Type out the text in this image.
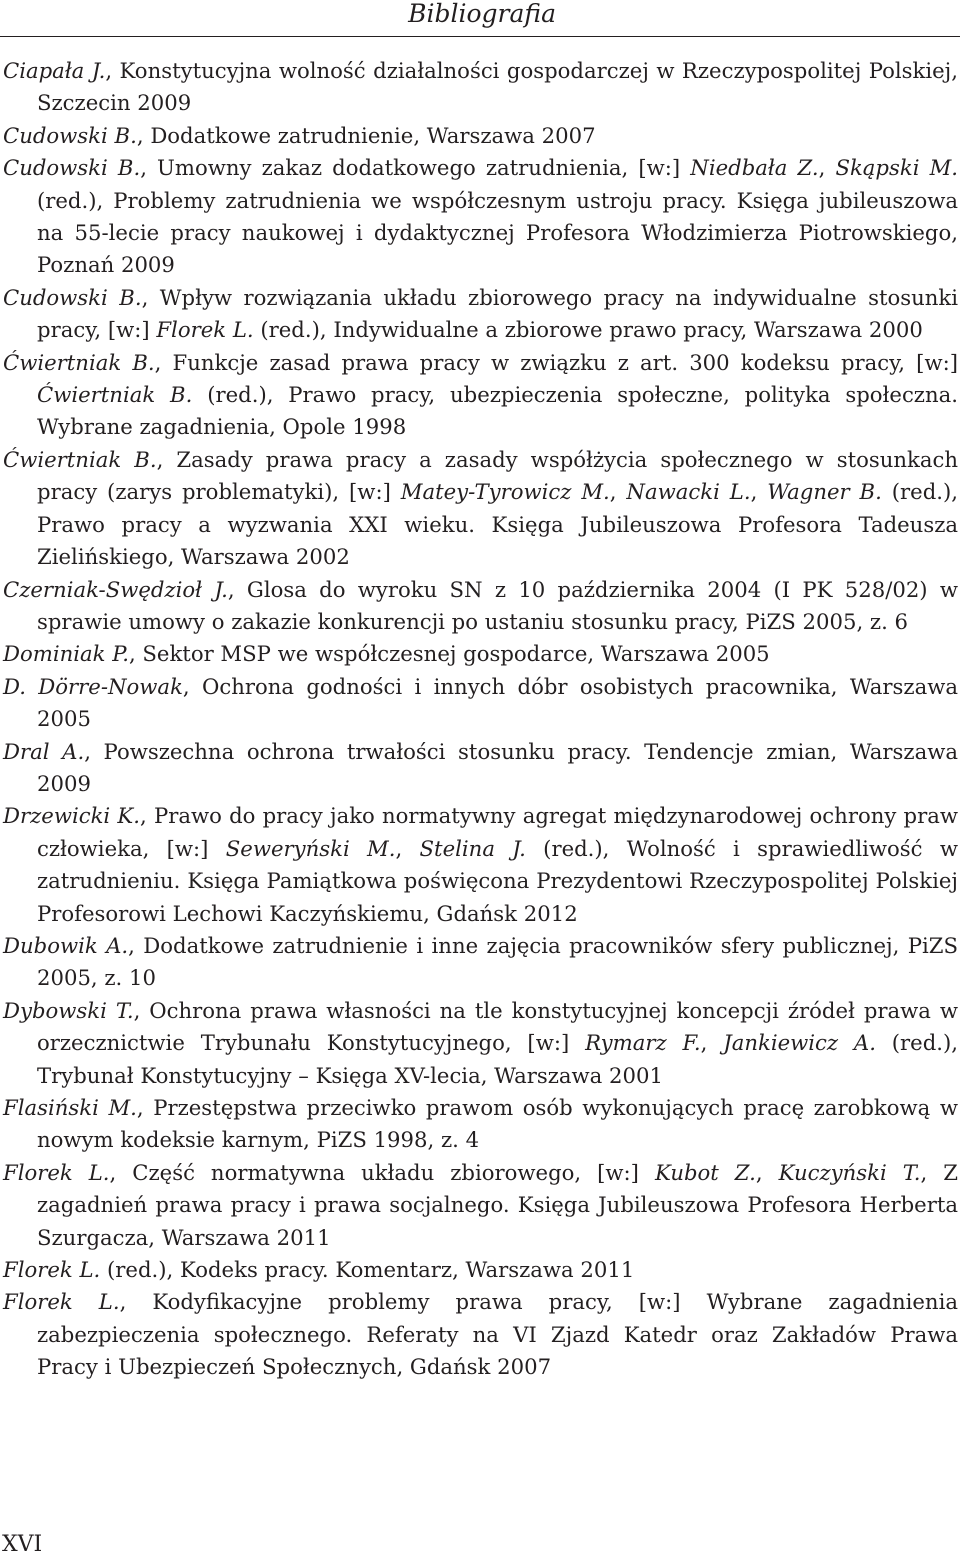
Bibliografia

Ciapała J., Konstytucyjna wolność działalności gospodarczej w Rzeczypospolitej Polskiej, Szczecin 2009

Cudowski B., Dodatkowe zatrudnienie, Warszawa 2007

Cudowski B., Umowny zakaz dodatkowego zatrudnienia, [w:] Niedbała Z., Skąpski M. (red.), Problemy zatrudnienia we współczesnym ustroju pracy. Księga jubileuszowa na 55-lecie pracy naukowej i dydaktycznej Profesora Włodzimierza Piotrowskiego, Poznań 2009

Cudowski B., Wpływ rozwiązania układu zbiorowego pracy na indywidualne stosunki pracy, [w:] Florek L. (red.), Indywidualne a zbiorowe prawo pracy, Warszawa 2000

Ćwiertniak B., Funkcje zasad prawa pracy w związku z art. 300 kodeksu pracy, [w:] Ćwiertniak B. (red.), Prawo pracy, ubezpieczenia społeczne, polityka społeczna. Wybrane zagadnienia, Opole 1998

Ćwiertniak B., Zasady prawa pracy a zasady współżycia społecznego w stosunkach pracy (zarys problematyki), [w:] Matey-Tyrowicz M., Nawacki L., Wagner B. (red.), Prawo pracy a wyzwania XXI wieku. Księga Jubileuszowa Profesora Tadeusza Zielińskiego, Warszawa 2002

Czerniak-Swędzioł J., Glosa do wyroku SN z 10 października 2004 (I PK 528/02) w sprawie umowy o zakazie konkurencji po ustaniu stosunku pracy, PiZS 2005, z. 6

Dominiak P., Sektor MSP we współczesnej gospodarce, Warszawa 2005

D. Dörre-Nowak, Ochrona godności i innych dóbr osobistych pracownika, Warszawa 2005

Dral A., Powszechna ochrona trwałości stosunku pracy. Tendencje zmian, Warszawa 2009

Drzewicki K., Prawo do pracy jako normatywny agregat międzynarodowej ochrony praw człowieka, [w:] Seweryński M., Stelina J. (red.), Wolność i sprawiedliwość w zatrudnieniu. Księga Pamiątkowa poświęcona Prezydentowi Rzeczypospolitej Polskiej Profesorowi Lechowi Kaczyńskiemu, Gdańsk 2012

Dubowik A., Dodatkowe zatrudnienie i inne zajęcia pracowników sfery publicznej, PiZS 2005, z. 10

Dybowski T., Ochrona prawa własności na tle konstytucyjnej koncepcji źródeł prawa w orzecznictwie Trybunału Konstytucyjnego, [w:] Rymarz F., Jankiewicz A. (red.), Trybunał Konstytucyjny – Księga XV-lecia, Warszawa 2001

Flasiński M., Przestępstwa przeciwko prawom osób wykonujących pracę zarobkową w nowym kodeksie karnym, PiZS 1998, z. 4

Florek L., Część normatywna układu zbiorowego, [w:] Kubot Z., Kuczyński T., Z zagadnień prawa pracy i prawa socjalnego. Księga Jubileuszowa Profesora Herberta Szurgacza, Warszawa 2011

Florek L. (red.), Kodeks pracy. Komentarz, Warszawa 2011

Florek L., Kodyfikacyjne problemy prawa pracy, [w:] Wybrane zagadnienia zabezpieczenia społecznego. Referaty na VI Zjazd Katedr oraz Zakładów Prawa Pracy i Ubezpieczeń Społecznych, Gdańsk 2007

XVI
